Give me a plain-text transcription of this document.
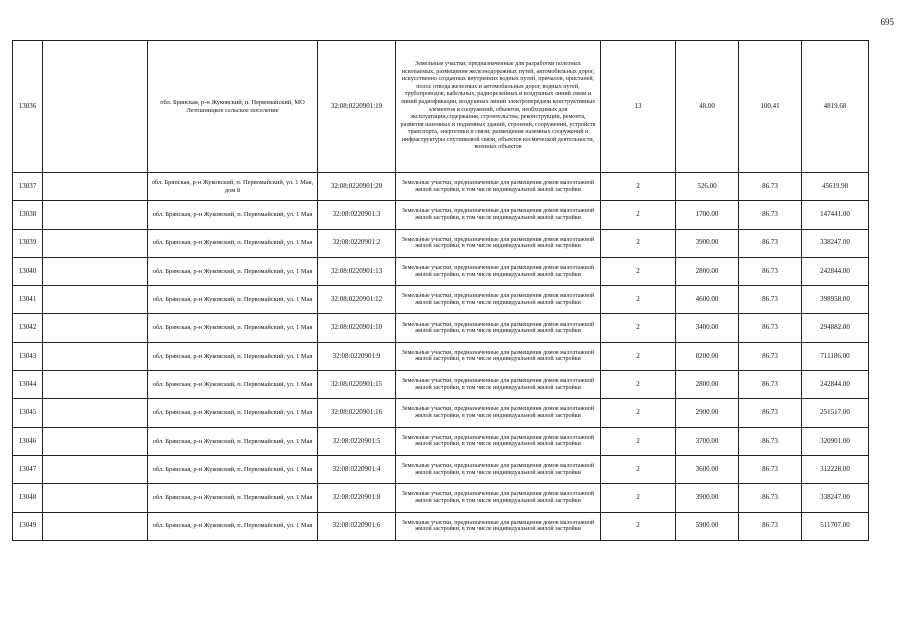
695
13036		обл. Брянская, р-н Жуковский, п. Первомайский, МО Летошницкое сельское поселение	32:08:0220901:19	Земельные участки, предназначенные для разработки полезных ископаемых, размещения железнодорожных путей, автомобильных дорог, искусственно созданных внутренних водных путей, причалов, пристаней, полос отвода железных и автомобильных дорог, водных путей, трубопроводов, кабельных, радиорелейных и воздушных линий связи и линий радиофикации, воздушных линий электропередачи конструктивных элементов и сооружений, объектов, необходимых для эксплуатации,содержания, строительства, реконструкции, ремонта, развития наземных и подземных зданий, строений, сооружений, устройств транспорта, энергетики и связи; размещения наземных сооружений и инфраструктуры спутниковой связи, объектов космической деятельности, военных объектов	13	48.00	100.41	4819.68
13037		обл. Брянская, р-н Жуковский, п. Первомайский, ул. 1 Мая, дом 8	32:08:0220901:20	Земельные участки, предназначенные для размещения домов малоэтажной жилой застройки, в том числе индивидуальной жилой застройки	2	526.00	86.73	45619.98
13038		обл. Брянская, р-н Жуковский, п. Первомайский, ул. 1 Мая	32:08:0220901:3	Земельные участки, предназначенные для размещения домов малоэтажной жилой застройки, в том числе индивидуальной жилой застройки	2	1700.00	86.73	147441.00
13039		обл. Брянская, р-н Жуковский, п. Первомайский, ул. 1 Мая	32:08:0220901:2	Земельные участки, предназначенные для размещения домов малоэтажной жилой застройки, в том числе индивидуальной жилой застройки	2	3900.00	86.73	338247.00
13040		обл. Брянская, р-н Жуковский, п. Первомайский, ул. 1 Мая	32:08:0220901:13	Земельные участки, предназначенные для размещения домов малоэтажной жилой застройки, в том числе индивидуальной жилой застройки	2	2800.00	86.73	242844.00
13041		обл. Брянская, р-н Жуковский, п. Первомайский, ул. 1 Мая	32:08:0220901:12	Земельные участки, предназначенные для размещения домов малоэтажной жилой застройки, в том числе индивидуальной жилой застройки	2	4600.00	86.73	398958.00
13042		обл. Брянская, р-н Жуковский, п. Первомайский, ул. 1 Мая	32:08:0220901:10	Земельные участки, предназначенные для размещения домов малоэтажной жилой застройки, в том числе индивидуальной жилой застройки	2	3400.00	86.73	294882.00
13043		обл. Брянская, р-н Жуковский, п. Первомайский, ул. 1 Мая	32:08:0220901:9	Земельные участки, предназначенные для размещения домов малоэтажной жилой застройки, в том числе индивидуальной жилой застройки	2	8200.00	86.73	711186.00
13044		обл. Брянская, р-н Жуковский, п. Первомайский, ул. 1 Мая	32:08:0220901:15	Земельные участки, предназначенные для размещения домов малоэтажной жилой застройки, в том числе индивидуальной жилой застройки	2	2800.00	86.73	242844.00
13045		обл. Брянская, р-н Жуковский, п. Первомайский, ул. 1 Мая	32:08:0220901:16	Земельные участки, предназначенные для размещения домов малоэтажной жилой застройки, в том числе индивидуальной жилой застройки	2	2900.00	86.73	251517.00
13046		обл. Брянская, р-н Жуковский, п. Первомайский, ул. 1 Мая	32:08:0220901:5	Земельные участки, предназначенные для размещения домов малоэтажной жилой застройки, в том числе индивидуальной жилой застройки	2	3700.00	86.73	320901.00
13047		обл. Брянская, р-н Жуковский, п. Первомайский, ул. 1 Мая	32:08:0220901:4	Земельные участки, предназначенные для размещения домов малоэтажной жилой застройки, в том числе индивидуальной жилой застройки	2	3600.00	86.73	312228.00
13048		обл. Брянская, р-н Жуковский, п. Первомайский, ул. 1 Мая	32:08:0220901:8	Земельные участки, предназначенные для размещения домов малоэтажной жилой застройки, в том числе индивидуальной жилой застройки	2	3900.00	86.73	338247.00
13049		обл. Брянская, р-н Жуковский, п. Первомайский, ул. 1 Мая	32:08:0220901:6	Земельные участки, предназначенные для размещения домов малоэтажной жилой застройки, в том числе индивидуальной жилой застройки	2	5900.00	86.73	511707.00
